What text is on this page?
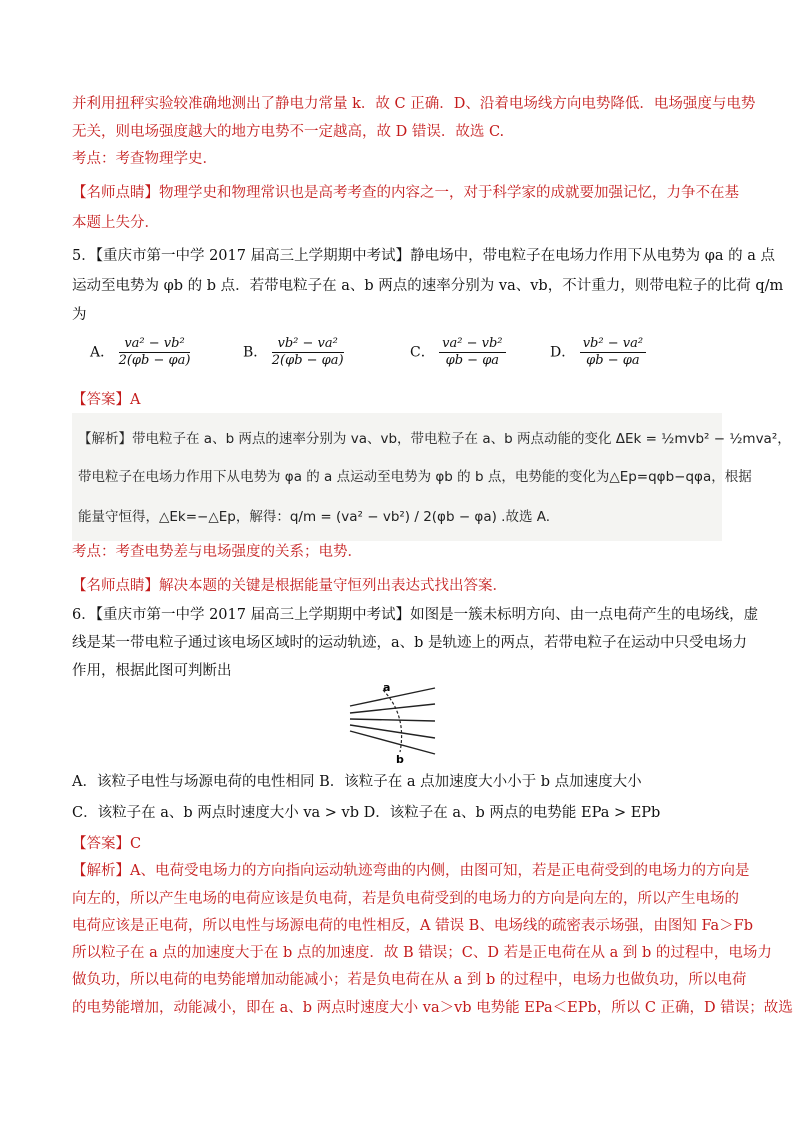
并利用扭秤实验较准确地测出了静电力常量 k．故 C 正确．D、沿着电场线方向电势降低．电场强度与电势
无关，则电场强度越大的地方电势不一定越高，故 D 错误．故选 C.
考点：考查物理学史．
【名师点睛】物理学史和物理常识也是高考考查的内容之一，对于科学家的成就要加强记忆，力争不在基
本题上失分．
5．【重庆市第一中学 2017 届高三上学期期中考试】静电场中，带电粒子在电场力作用下从电势为 φa 的 a 点
运动至电势为 φb 的 b 点．若带电粒子在 a、b 两点的速率分别为 va、vb，不计重力，则带电粒子的比荷 q/m
为
A． $\frac{\text{va² − vb²}}{2(\varphi b - \varphi a)}$	B． $\frac{\text{vb² − va²}}{2(\varphi b - \varphi a)}$	C． $\frac{\text{va² − vb²}}{\varphi b - \varphi a}$	D． $\frac{\text{vb² − va²}}{\varphi b - \varphi a}$
【答案】A
【解析】带电粒子在 a、b 两点的速率分别为 va、vb，带电粒子在 a、b 两点动能的变化 ΔEk = ½mvb² − ½mva²，
带电粒子在电场力作用下从电势为 φa 的 a 点运动至电势为 φb 的 b 点，电势能的变化为△Ep=qφb−qφa，根据
能量守恒得，△Ek=−△Ep，解得：q/m = (va² − vb²) / 2(φb − φa) .故选 A.
考点：考查电势差与电场强度的关系；电势．
【名师点睛】解决本题的关键是根据能量守恒列出表达式找出答案．
6．【重庆市第一中学 2017 届高三上学期期中考试】如图是一簇未标明方向、由一点电荷产生的电场线，虚
线是某一带电粒子通过该电场区域时的运动轨迹，a、b 是轨迹上的两点，若带电粒子在运动中只受电场力
作用，根据此图可判断出
a
b
A．该粒子电性与场源电荷的电性相同 B．该粒子在 a 点加速度大小小于 b 点加速度大小
C．该粒子在 a、b 两点时速度大小 va > vb D．该粒子在 a、b 两点的电势能 EPa > EPb
【答案】C
【解析】A、电荷受电场力的方向指向运动轨迹弯曲的内侧，由图可知，若是正电荷受到的电场力的方向是
向左的，所以产生电场的电荷应该是负电荷，若是负电荷受到的电场力的方向是向左的，所以产生电场的
电荷应该是正电荷，所以电性与场源电荷的电性相反，A 错误 B、电场线的疏密表示场强，由图知 Fa＞Fb
所以粒子在 a 点的加速度大于在 b 点的加速度．故 B 错误；C、D 若是正电荷在从 a 到 b 的过程中，电场力
做负功，所以电荷的电势能增加动能减小；若是负电荷在从 a 到 b 的过程中，电场力也做负功，所以电荷
的电势能增加，动能减小，即在 a、b 两点时速度大小 va＞vb 电势能 EPa＜EPb，所以 C 正确，D 错误；故选
